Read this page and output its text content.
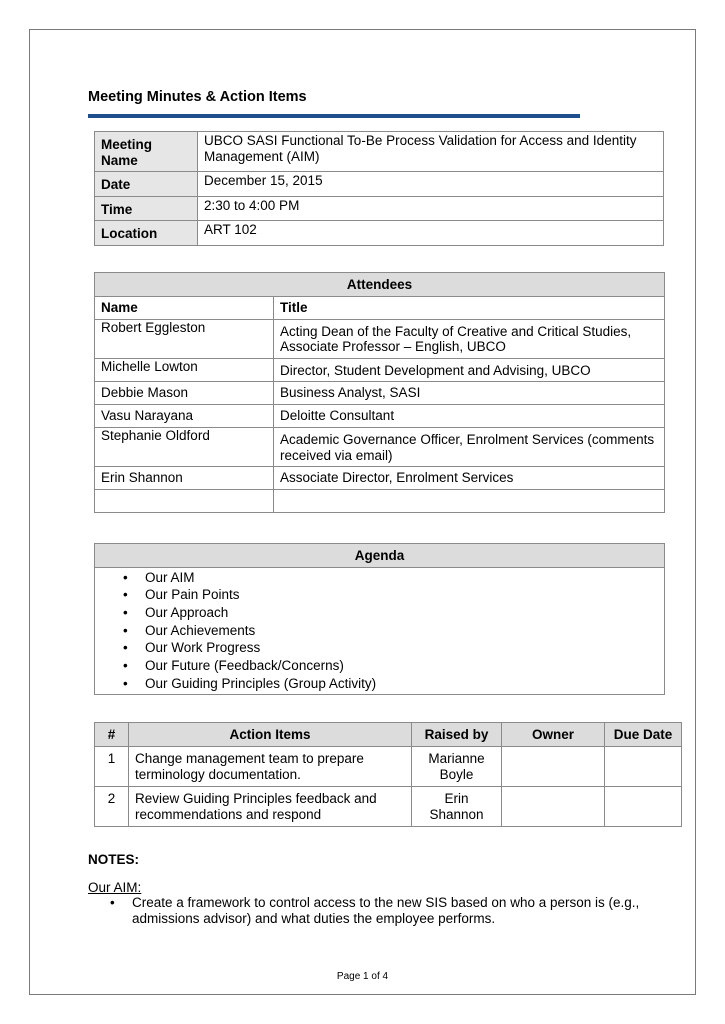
Meeting Minutes & Action Items
Meeting Name	UBCO SASI Functional To-Be Process Validation for Access and Identity Management (AIM)
Date	December 15, 2015
Time	2:30 to 4:00 PM
Location	ART 102
Attendees	
Name	Title
Robert Eggleston	Acting Dean of the Faculty of Creative and Critical Studies, Associate Professor – English, UBCO
Michelle Lowton	Director, Student Development and Advising, UBCO
Debbie Mason	Business Analyst, SASI
Vasu Narayana	Deloitte Consultant
Stephanie Oldford	Academic Governance Officer, Enrolment Services (comments received via email)
Erin Shannon	Associate Director, Enrolment Services

Agenda

• Our AIM
• Our Pain Points
• Our Approach
• Our Achievements
• Our Work Progress
• Our Future (Feedback/Concerns)
• Our Guiding Principles (Group Activity)
#	Action Items	Raised by	Owner	Due Date
1	Change management team to prepare terminology documentation.	Marianne Boyle		
2	Review Guiding Principles feedback and recommendations and respond	Erin Shannon		
NOTES:
Our AIM:
•	Create a framework to control access to the new SIS based on who a person is (e.g., admissions advisor) and what duties the employee performs.
Page 1 of 4
